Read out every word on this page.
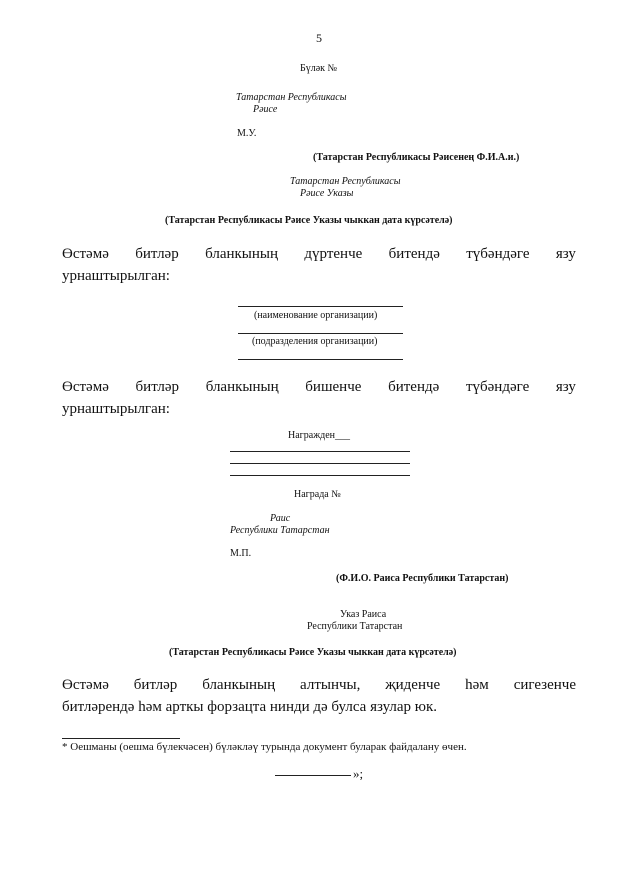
5
Бүләк №
Татарстан Республикасы
Рәисе
М.У.
(Татарстан Республикасы Рәисенең Ф.И.А.и.)
Татарстан Республикасы
Рәисе Указы
(Татарстан Республикасы Рәисе Указы чыккан дата күрсәтелә)
Өстәмә битләр бланкының дүртенче битендә түбәндәге язу
урнаштырылган:
(наименование организации)
(подразделения организации)
Өстәмә битләр бланкының бишенче битендә түбәндәге язу
урнаштырылган:
Награжден___
Награда №
Раис
Республики Татарстан
М.П.
(Ф.И.О. Раиса Республики Татарстан)
Указ Раиса
Республики Татарстан
(Татарстан Республикасы Рәисе Указы чыккан дата күрсәтелә)
Өстәмә битләр бланкының алтынчы, җиденче һәм сигезенче
битләрендә һәм арткы форзацта нинди дә булса язулар юк.
* Оешманы (оешма бүлекчәсен) бүләкләү турында документ буларак файдалану өчен.
»;
